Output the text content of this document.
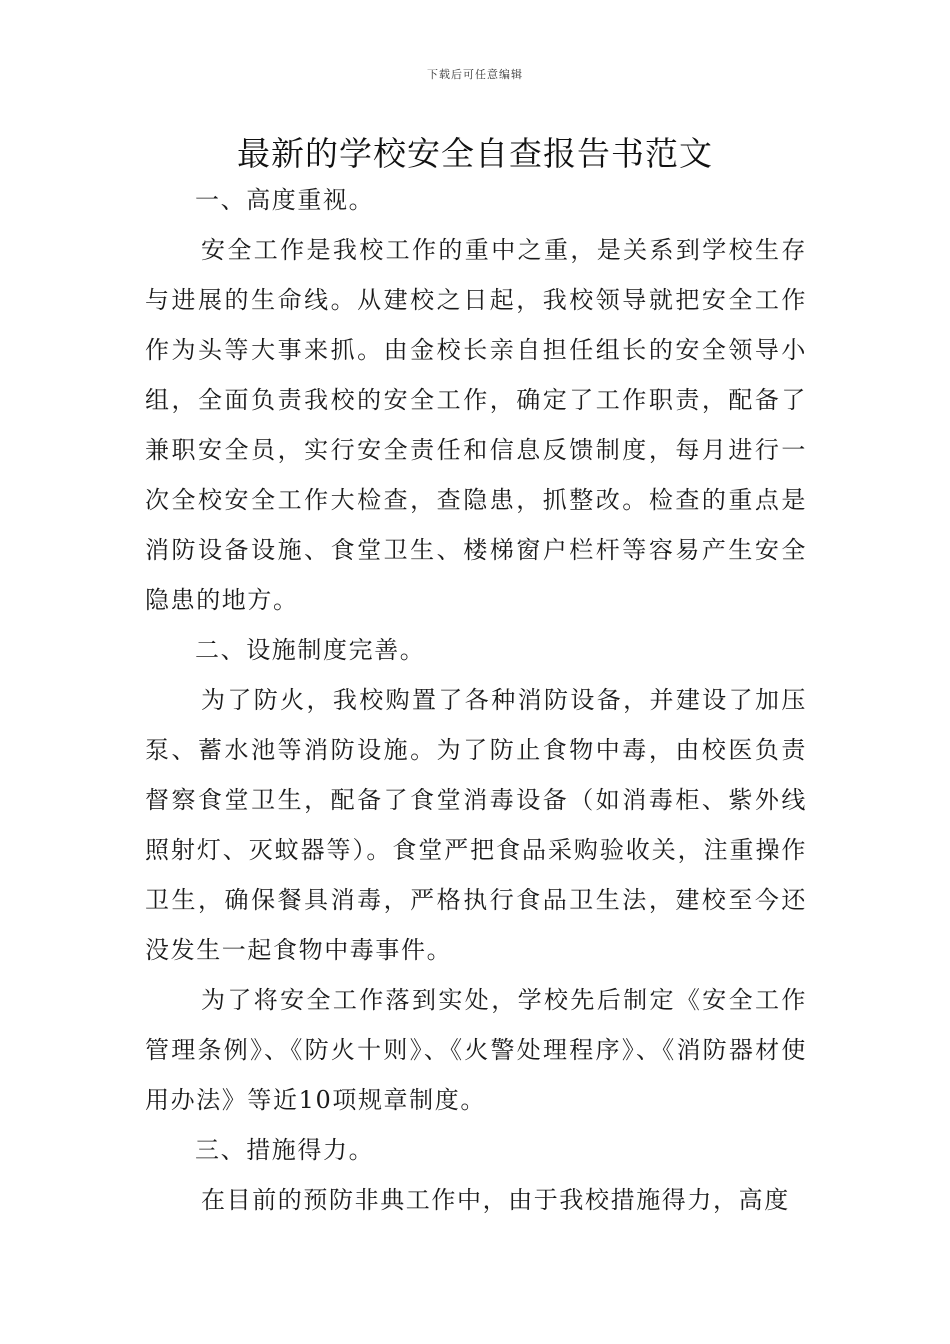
下载后可任意编辑
最新的学校安全自查报告书范文

一、高度重视。

安全工作是我校工作的重中之重，是关系到学校生存与进展的生命线。从建校之日起，我校领导就把安全工作作为头等大事来抓。由金校长亲自担任组长的安全领导小组，全面负责我校的安全工作，确定了工作职责，配备了兼职安全员，实行安全责任和信息反馈制度，每月进行一次全校安全工作大检查，查隐患，抓整改。检查的重点是消防设备设施、食堂卫生、楼梯窗户栏杆等容易产生安全隐患的地方。

二、设施制度完善。

为了防火，我校购置了各种消防设备，并建设了加压泵、蓄水池等消防设施。为了防止食物中毒，由校医负责督察食堂卫生，配备了食堂消毒设备（如消毒柜、紫外线照射灯、灭蚊器等）。食堂严把食品采购验收关，注重操作卫生，确保餐具消毒，严格执行食品卫生法，建校至今还没发生一起食物中毒事件。

为了将安全工作落到实处，学校先后制定《安全工作管理条例》、《防火十则》、《火警处理程序》、《消防器材使用办法》等近10项规章制度。

三、措施得力。

在目前的预防非典工作中，由于我校措施得力，高度
